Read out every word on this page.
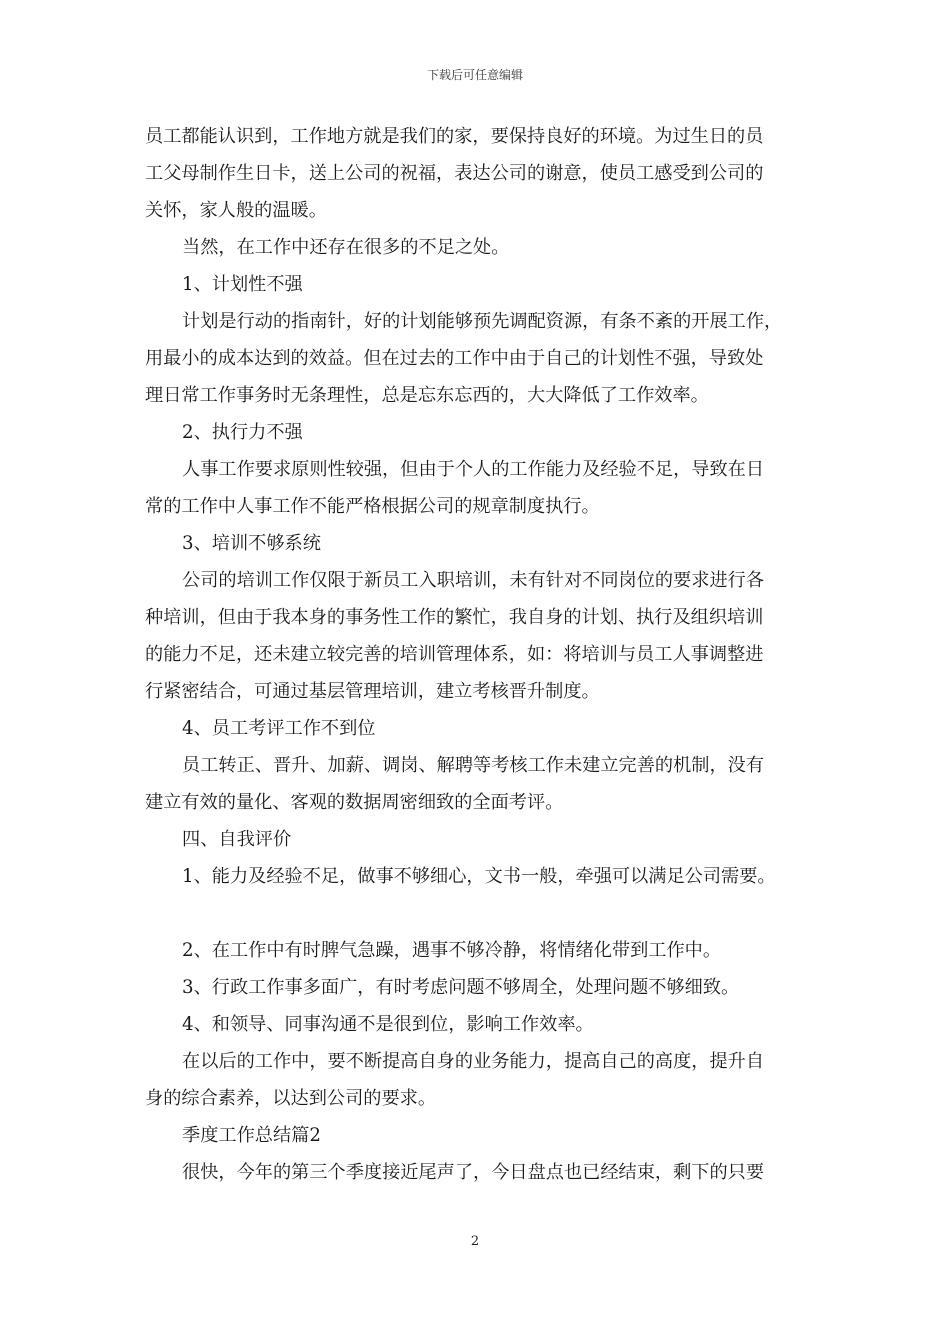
下载后可任意编辑

员工都能认识到，工作地方就是我们的家，要保持良好的环境。为过生日的员

工父母制作生日卡，送上公司的祝福，表达公司的谢意，使员工感受到公司的

关怀，家人般的温暖。

当然，在工作中还存在很多的不足之处。

1、计划性不强

计划是行动的指南针，好的计划能够预先调配资源，有条不紊的开展工作，

用最小的成本达到的效益。但在过去的工作中由于自己的计划性不强，导致处

理日常工作事务时无条理性，总是忘东忘西的，大大降低了工作效率。

2、执行力不强

人事工作要求原则性较强，但由于个人的工作能力及经验不足，导致在日

常的工作中人事工作不能严格根据公司的规章制度执行。

3、培训不够系统

公司的培训工作仅限于新员工入职培训，未有针对不同岗位的要求进行各

种培训，但由于我本身的事务性工作的繁忙，我自身的计划、执行及组织培训

的能力不足，还未建立较完善的培训管理体系，如：将培训与员工人事调整进

行紧密结合，可通过基层管理培训，建立考核晋升制度。

4、员工考评工作不到位

员工转正、晋升、加薪、调岗、解聘等考核工作未建立完善的机制，没有

建立有效的量化、客观的数据周密细致的全面考评。

四、自我评价

1、能力及经验不足，做事不够细心，文书一般，牵强可以满足公司需要。

2、在工作中有时脾气急躁，遇事不够冷静，将情绪化带到工作中。

3、行政工作事多面广，有时考虑问题不够周全，处理问题不够细致。

4、和领导、同事沟通不是很到位，影响工作效率。

在以后的工作中，要不断提高自身的业务能力，提高自己的高度，提升自

身的综合素养，以达到公司的要求。

季度工作总结篇2

很快，今年的第三个季度接近尾声了，今日盘点也已经结束，剩下的只要

2
